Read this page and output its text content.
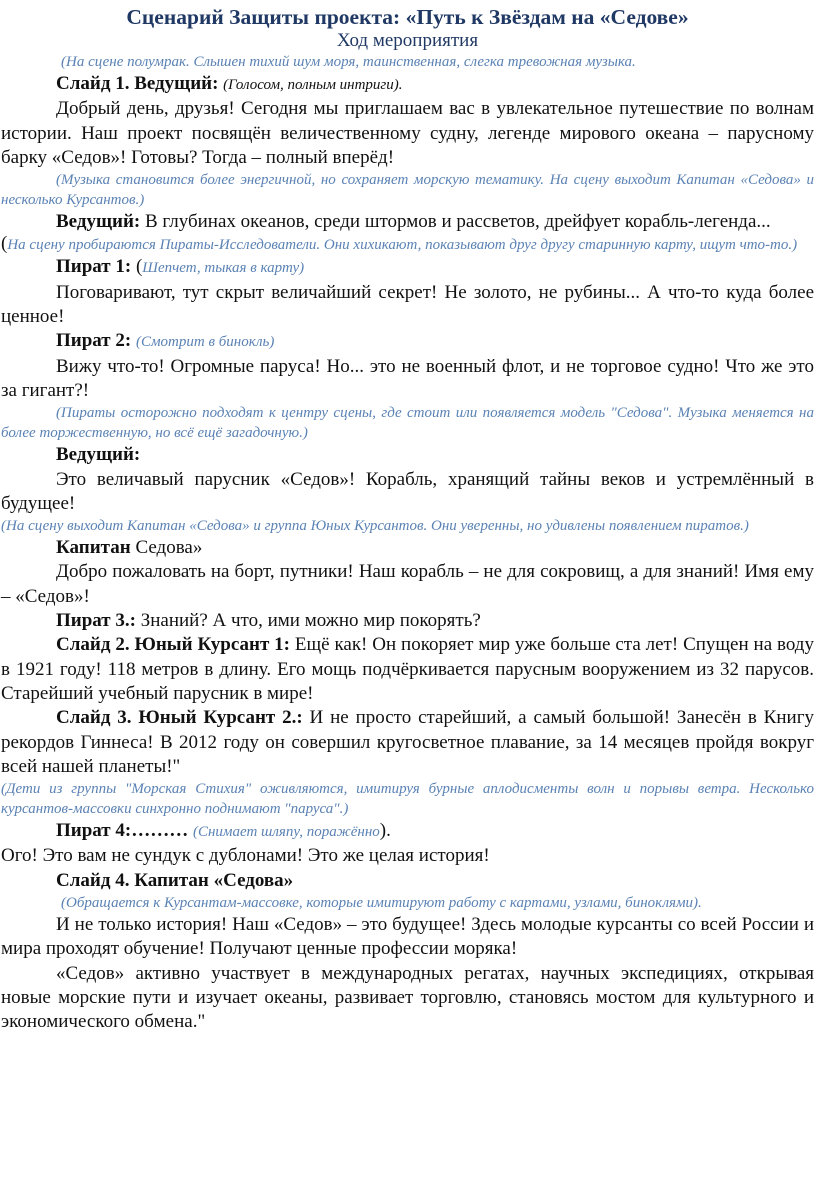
Сценарий Защиты проекта: «Путь к Звёздам на «Седове»
Ход мероприятия
(На сцене полумрак. Слышен тихий шум моря, таинственная, слегка тревожная музыка.
Слайд 1. Ведущий: (Голосом, полным интриги).

Добрый день, друзья! Сегодня мы приглашаем вас в увлекательное путешествие по волнам истории. Наш проект посвящён величественному судну, легенде мирового океана – парусному барку «Седов»! Готовы? Тогда – полный вперёд!

(Музыка становится более энергичной, но сохраняет морскую тематику. На сцену выходит Капитан «Седова» и несколько Курсантов.)

Ведущий: В глубинах океанов, среди штормов и рассветов, дрейфует корабль-легенда...

(На сцену пробираются Пираты-Исследователи. Они хихикают, показывают друг другу старинную карту, ищут что-то.)

Пират 1: (Шепчет, тыкая в карту)

Поговаривают, тут скрыт величайший секрет! Не золото, не рубины... А что-то куда более ценное!

Пират 2: (Смотрит в бинокль)

Вижу что-то! Огромные паруса! Но... это не военный флот, и не торговое судно! Что же это за гигант?!

(Пираты осторожно подходят к центру сцены, где стоит или появляется модель "Седова". Музыка меняется на более торжественную, но всё ещё загадочную.)

Ведущий:

Это величавый парусник «Седов»! Корабль, хранящий тайны веков и устремлённый в будущее!

(На сцену выходит Капитан «Седова» и группа Юных Курсантов. Они уверенны, но удивлены появлением пиратов.)

Капитан Седова»

Добро пожаловать на борт, путники! Наш корабль – не для сокровищ, а для знаний! Имя ему – «Седов»!

Пират 3.: Знаний? А что, ими можно мир покорять?

Слайд 2. Юный Курсант 1: Ещё как! Он покоряет мир уже больше ста лет! Спущен на воду в 1921 году! 118 метров в длину. Его мощь подчёркивается парусным вооружением из 32 парусов. Старейший учебный парусник в мире!

Слайд 3. Юный Курсант 2.: И не просто старейший, а самый большой! Занесён в Книгу рекордов Гиннеса! В 2012 году он совершил кругосветное плавание, за 14 месяцев пройдя вокруг всей нашей планеты!"

(Дети из группы "Морская Стихия" оживляются, имитируя бурные аплодисменты волн и порывы ветра. Несколько курсантов-массовки синхронно поднимают "паруса".)

Пират 4:……… (Снимает шляпу, поражённо).
Ого! Это вам не сундук с дублонами! Это же целая история!
Слайд 4. Капитан «Седова»
(Обращается к Курсантам-массовке, которые имитируют работу с картами, узлами, биноклями).

И не только история! Наш «Седов» – это будущее! Здесь молодые курсанты со всей России и мира проходят обучение! Получают ценные профессии моряка!

«Седов» активно участвует в международных регатах, научных экспедициях, открывая новые морские пути и изучает океаны, развивает торговлю, становясь мостом для культурного и экономического обмена."
